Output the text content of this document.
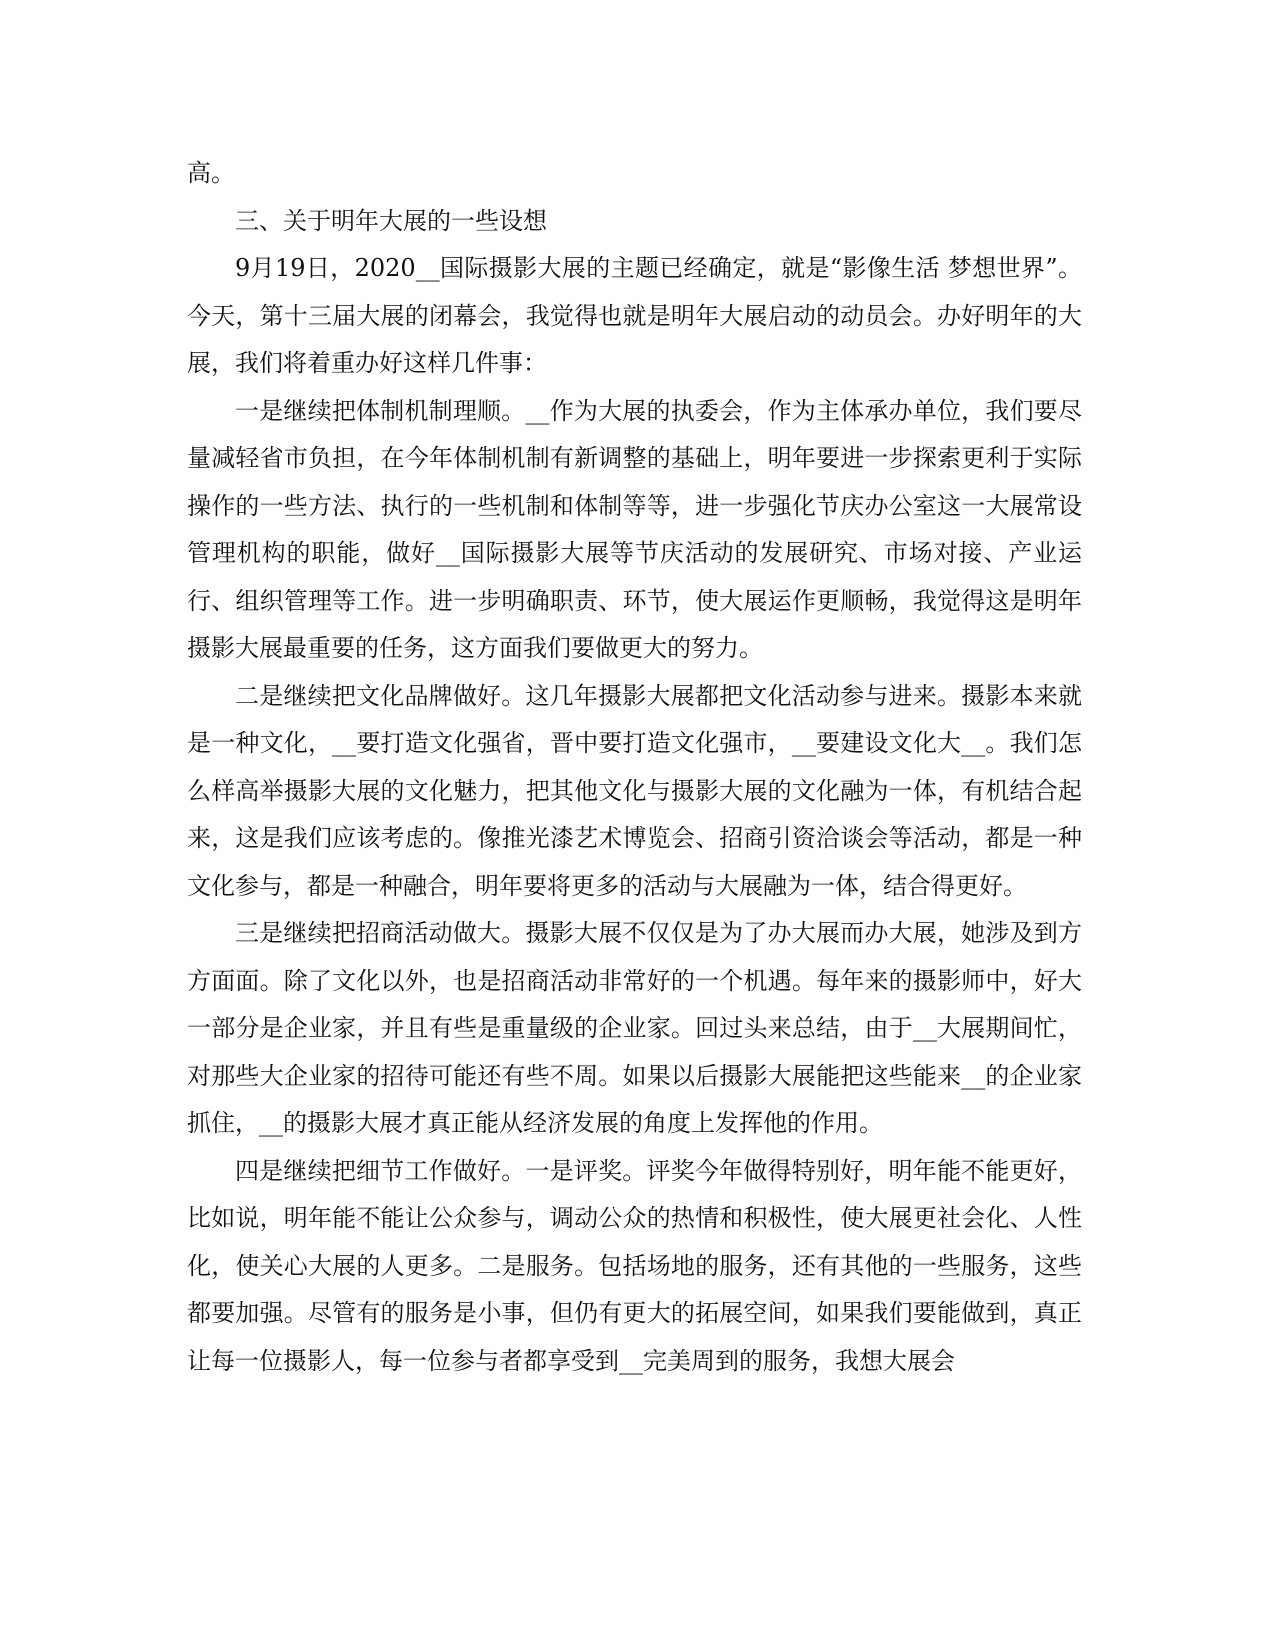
高。

三、关于明年大展的一些设想

9月19日，2020__国际摄影大展的主题已经确定，就是“影像生活 梦想世界”。今天，第十三届大展的闭幕会，我觉得也就是明年大展启动的动员会。办好明年的大展，我们将着重办好这样几件事：

一是继续把体制机制理顺。__作为大展的执委会，作为主体承办单位，我们要尽量减轻省市负担，在今年体制机制有新调整的基础上，明年要进一步探索更利于实际操作的一些方法、执行的一些机制和体制等等，进一步强化节庆办公室这一大展常设管理机构的职能，做好__国际摄影大展等节庆活动的发展研究、市场对接、产业运行、组织管理等工作。进一步明确职责、环节，使大展运作更顺畅，我觉得这是明年摄影大展最重要的任务，这方面我们要做更大的努力。

二是继续把文化品牌做好。这几年摄影大展都把文化活动参与进来。摄影本来就是一种文化，__要打造文化强省，晋中要打造文化强市，__要建设文化大__。我们怎么样高举摄影大展的文化魅力，把其他文化与摄影大展的文化融为一体，有机结合起来，这是我们应该考虑的。像推光漆艺术博览会、招商引资洽谈会等活动，都是一种文化参与，都是一种融合，明年要将更多的活动与大展融为一体，结合得更好。

三是继续把招商活动做大。摄影大展不仅仅是为了办大展而办大展，她涉及到方方面面。除了文化以外，也是招商活动非常好的一个机遇。每年来的摄影师中，好大一部分是企业家，并且有些是重量级的企业家。回过头来总结，由于__大展期间忙，对那些大企业家的招待可能还有些不周。如果以后摄影大展能把这些能来__的企业家抓住，__的摄影大展才真正能从经济发展的角度上发挥他的作用。

四是继续把细节工作做好。一是评奖。评奖今年做得特别好，明年能不能更好，比如说，明年能不能让公众参与，调动公众的热情和积极性，使大展更社会化、人性化，使关心大展的人更多。二是服务。包括场地的服务，还有其他的一些服务，这些都要加强。尽管有的服务是小事，但仍有更大的拓展空间，如果我们要能做到，真正让每一位摄影人，每一位参与者都享受到__完美周到的服务，我想大展会
